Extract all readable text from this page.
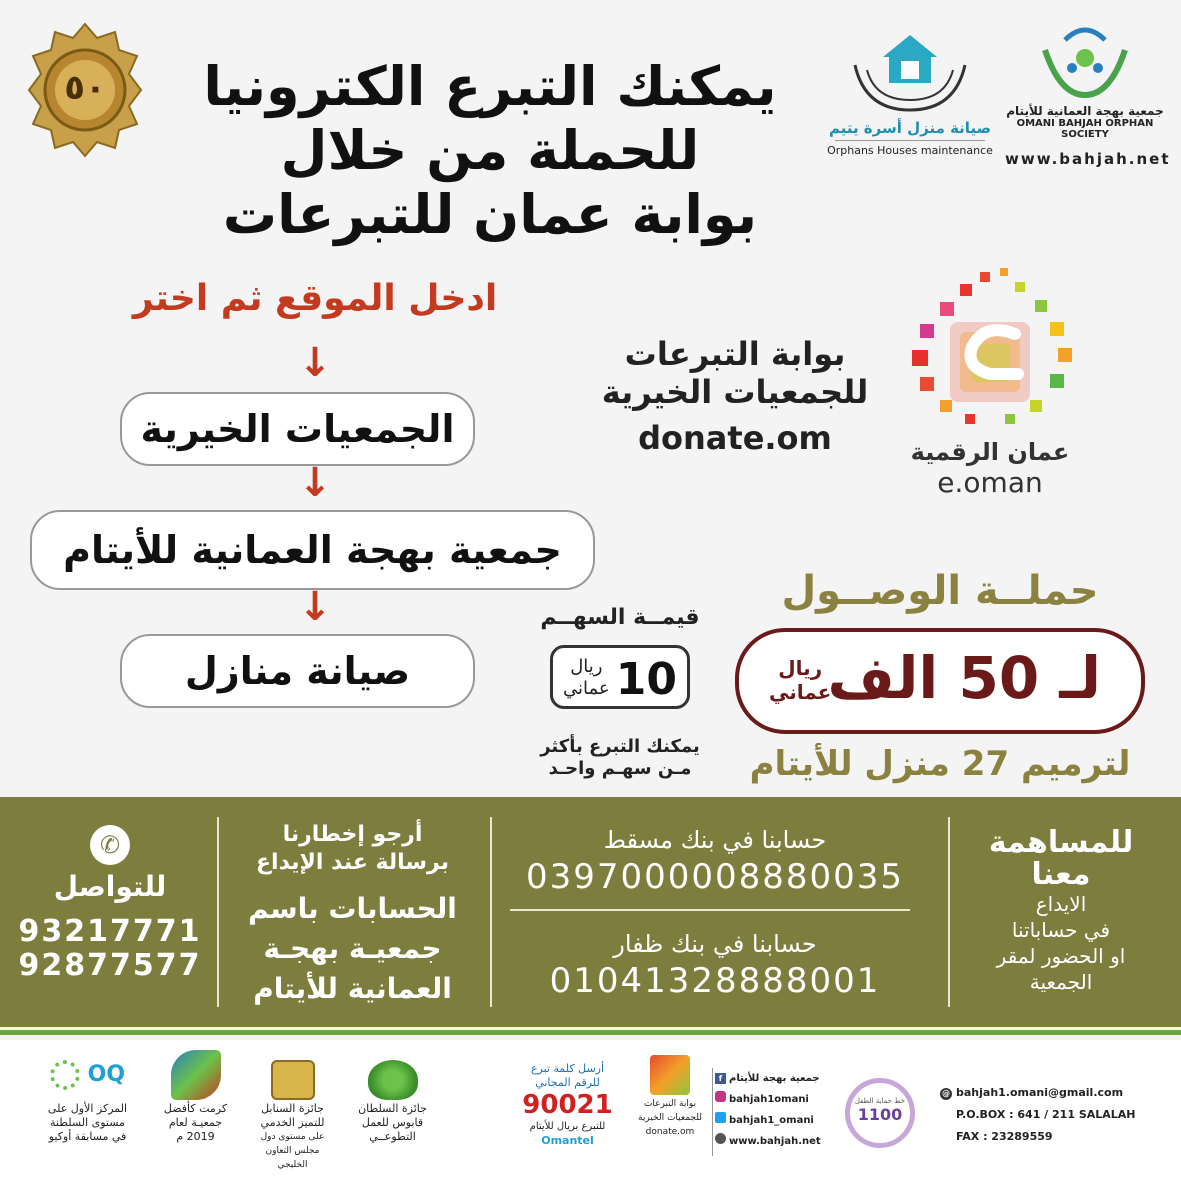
٥٠	يمكنك التبرع الكترونيا
للحملة من خلال
بوابة عمان للتبرعات
صيانة منزل أسرة يتيم
Orphans Houses maintenance
جمعية بهجة العمانية للأيتام
OMANI BAHJAH ORPHAN SOCIETY
www.bahjah.net
ادخل الموقع ثم اختر
↓
الجمعيات الخيرية
↓
جمعية بهجة العمانية للأيتام
↓
صيانة منازل
بوابة التبرعات
للجمعيات الخيرية
donate.om	عمان الرقمية
e.oman
حملــة الوصــول
لـ 50 الف
ريال
عماني
لترميم 27 منزل للأيتام
قيمــة السهــم
10
ريال
عماني
يمكنك التبرع بأكثر
مـن سهـم واحـد
للمساهمة
معنا
الايداع
في حساباتنا
او الحضور لمقر
الجمعية
حسابنا في بنك مسقط
0397000008880035
حسابنا في بنك ظفار
01041328888001
أرجو إخطارنا
برسالة عند الإيداع
الحسابات باسم
جمعيـة بهجـة
العمانية للأيتام
✆
للتواصل
93217771
92877577
@ bahjah1.omani@gmail.com
P.O.BOX : 641 / 211 SALALAH
FAX : 23289559
خط حماية الطفل
1100
f جمعية بهجة للأيتام
bahjah1omani
bahjah1_omani
www.bahjah.net
بوابة التبرعات
للجمعيات الخيرية
donate.om
أرسل كلمة تبرع
للرقم المجاني
90021
للتبرع بريال للأيتام
Omantel
جائزة السلطان
قابوس للعمل
التطوعــي
جائزة السنابل
للتميز الخدمي
على مستوى دول
مجلس التعاون
الخليجي
كرمت كأفضل
جمعيـة لعام
2019 م
OQ
المركز الأول على
مستوى السلطنة
في مسابقة أوكيو
